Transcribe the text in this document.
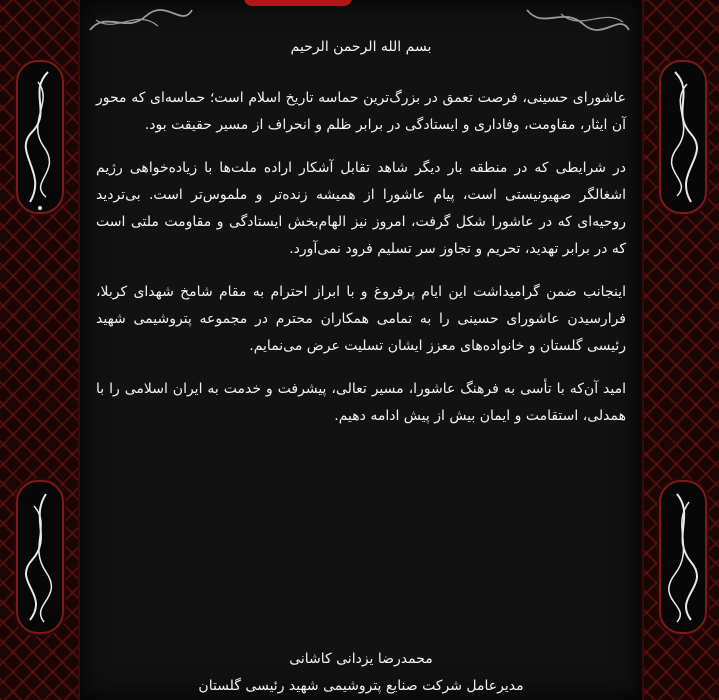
بسم الله الرحمن الرحیم

عاشورای حسینی، فرصت تعمق در بزرگ‌ترین حماسه تاریخ اسلام است؛ حماسه‌ای که محور آن ایثار، مقاومت، وفاداری و ایستادگی در برابر ظلم و انحراف از مسیر حقیقت بود.

در شرایطی که در منطقه بار دیگر شاهد تقابل آشکار اراده ملت‌ها با زیاده‌خواهی رژیم اشغالگر صهیونیستی است، پیام عاشورا از همیشه زنده‌تر و ملموس‌تر است. بی‌تردید روحیه‌ای که در عاشورا شکل گرفت، امروز نیز الهام‌بخش ایستادگی و مقاومت ملتی است که در برابر تهدید، تحریم و تجاوز سر تسلیم فرود نمی‌آورد.

اینجانب ضمن گرامیداشت این ایام پرفروغ و با ابراز احترام به مقام شامخ شهدای کربلا، فرارسیدن عاشورای حسینی را به تمامی همکاران محترم در مجموعه پتروشیمی شهید رئیسی گلستان و خانواده‌های معزز ایشان تسلیت عرض می‌نمایم.

امید آن‌که با تأسی به فرهنگ عاشورا، مسیر تعالی، پیشرفت و خدمت به ایران اسلامی را با همدلی، استقامت و ایمان بیش از پیش ادامه دهیم.

محمدرضا یزدانی کاشانی
مدیرعامل شرکت صنایع پتروشیمی شهید رئیسی گلستان
